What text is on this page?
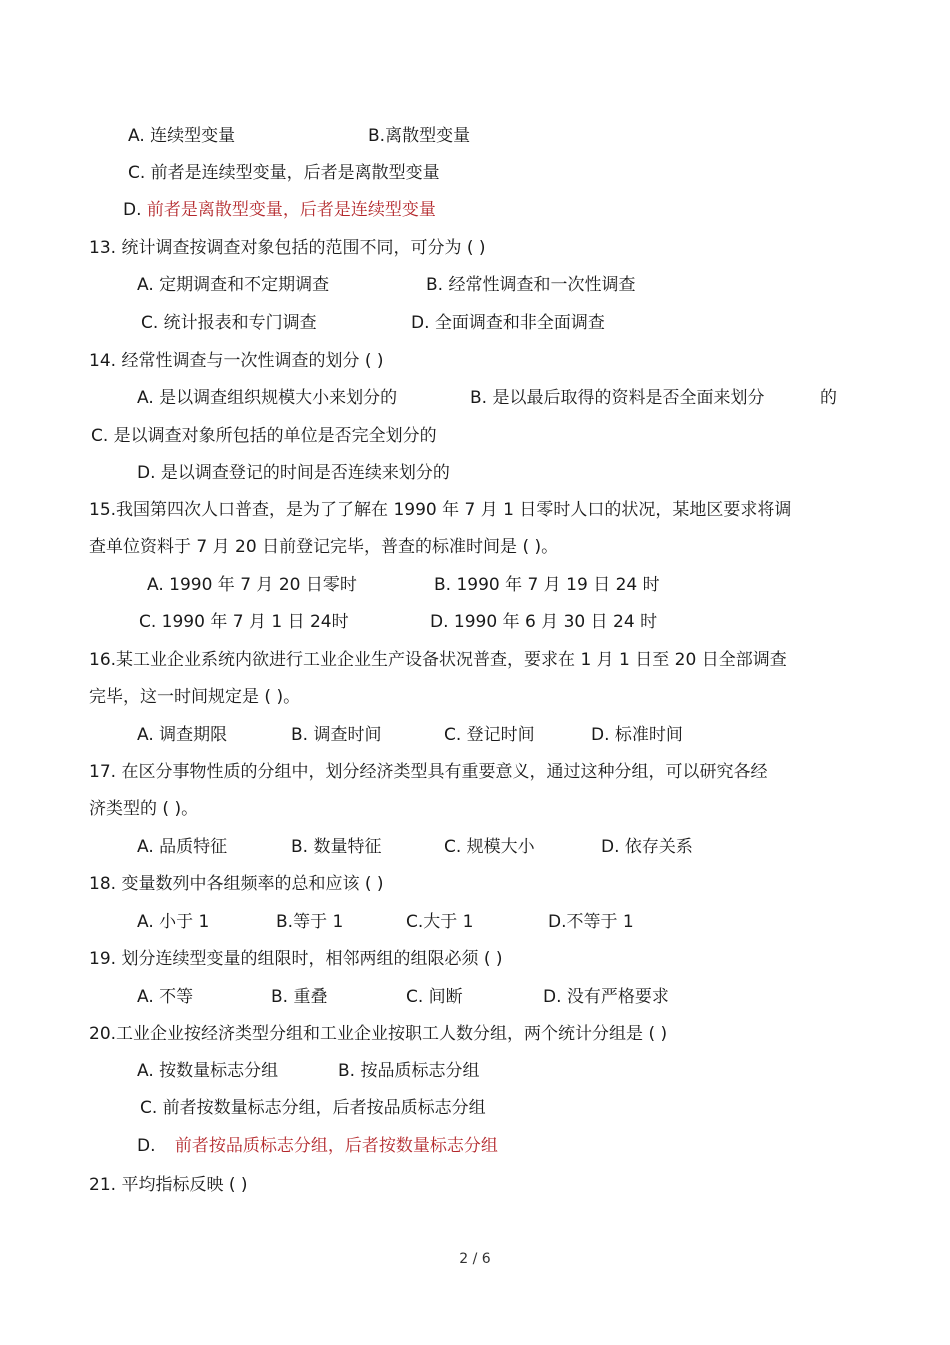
A. 连续型变量	B.离散型变量
C. 前者是连续型变量，后者是离散型变量
D. 前者是离散型变量，后者是连续型变量
13. 统计调查按调查对象包括的范围不同，可分为 ( )
A. 定期调查和不定期调查	B. 经常性调查和一次性调查
C. 统计报表和专门调查	D. 全面调查和非全面调查
14. 经常性调查与一次性调查的划分 ( )
A. 是以调查组织规模大小来划分的	B. 是以最后取得的资料是否全面来划分	的
C. 是以调查对象所包括的单位是否完全划分的
D. 是以调查登记的时间是否连续来划分的
15.我国第四次人口普查，是为了了解在 1990 年 7 月 1 日零时人口的状况，某地区要求将调
查单位资料于 7 月 20 日前登记完毕，普查的标准时间是 ( )。
A. 1990 年 7 月 20 日零时	B. 1990 年 7 月 19 日 24 时
C. 1990 年 7 月 1 日 24时	D. 1990 年 6 月 30 日 24 时
16.某工业企业系统内欲进行工业企业生产设备状况普查，要求在 1 月 1 日至 20 日全部调查
完毕，这一时间规定是 ( )。
A. 调查期限	B. 调查时间	C. 登记时间	D. 标准时间
17. 在区分事物性质的分组中，划分经济类型具有重要意义，通过这种分组，可以研究各经
济类型的 ( )。
A. 品质特征	B. 数量特征	C. 规模大小	D. 依存关系
18. 变量数列中各组频率的总和应该 ( )
A. 小于 1	B.等于 1	C.大于 1	D.不等于 1
19. 划分连续型变量的组限时，相邻两组的组限必须 ( )
A. 不等	B. 重叠	C. 间断	D. 没有严格要求
20.工业企业按经济类型分组和工业企业按职工人数分组，两个统计分组是 ( )
A. 按数量标志分组	B. 按品质标志分组
C. 前者按数量标志分组，后者按品质标志分组
D. 前者按品质标志分组，后者按数量标志分组
21. 平均指标反映 ( )
2 / 6
